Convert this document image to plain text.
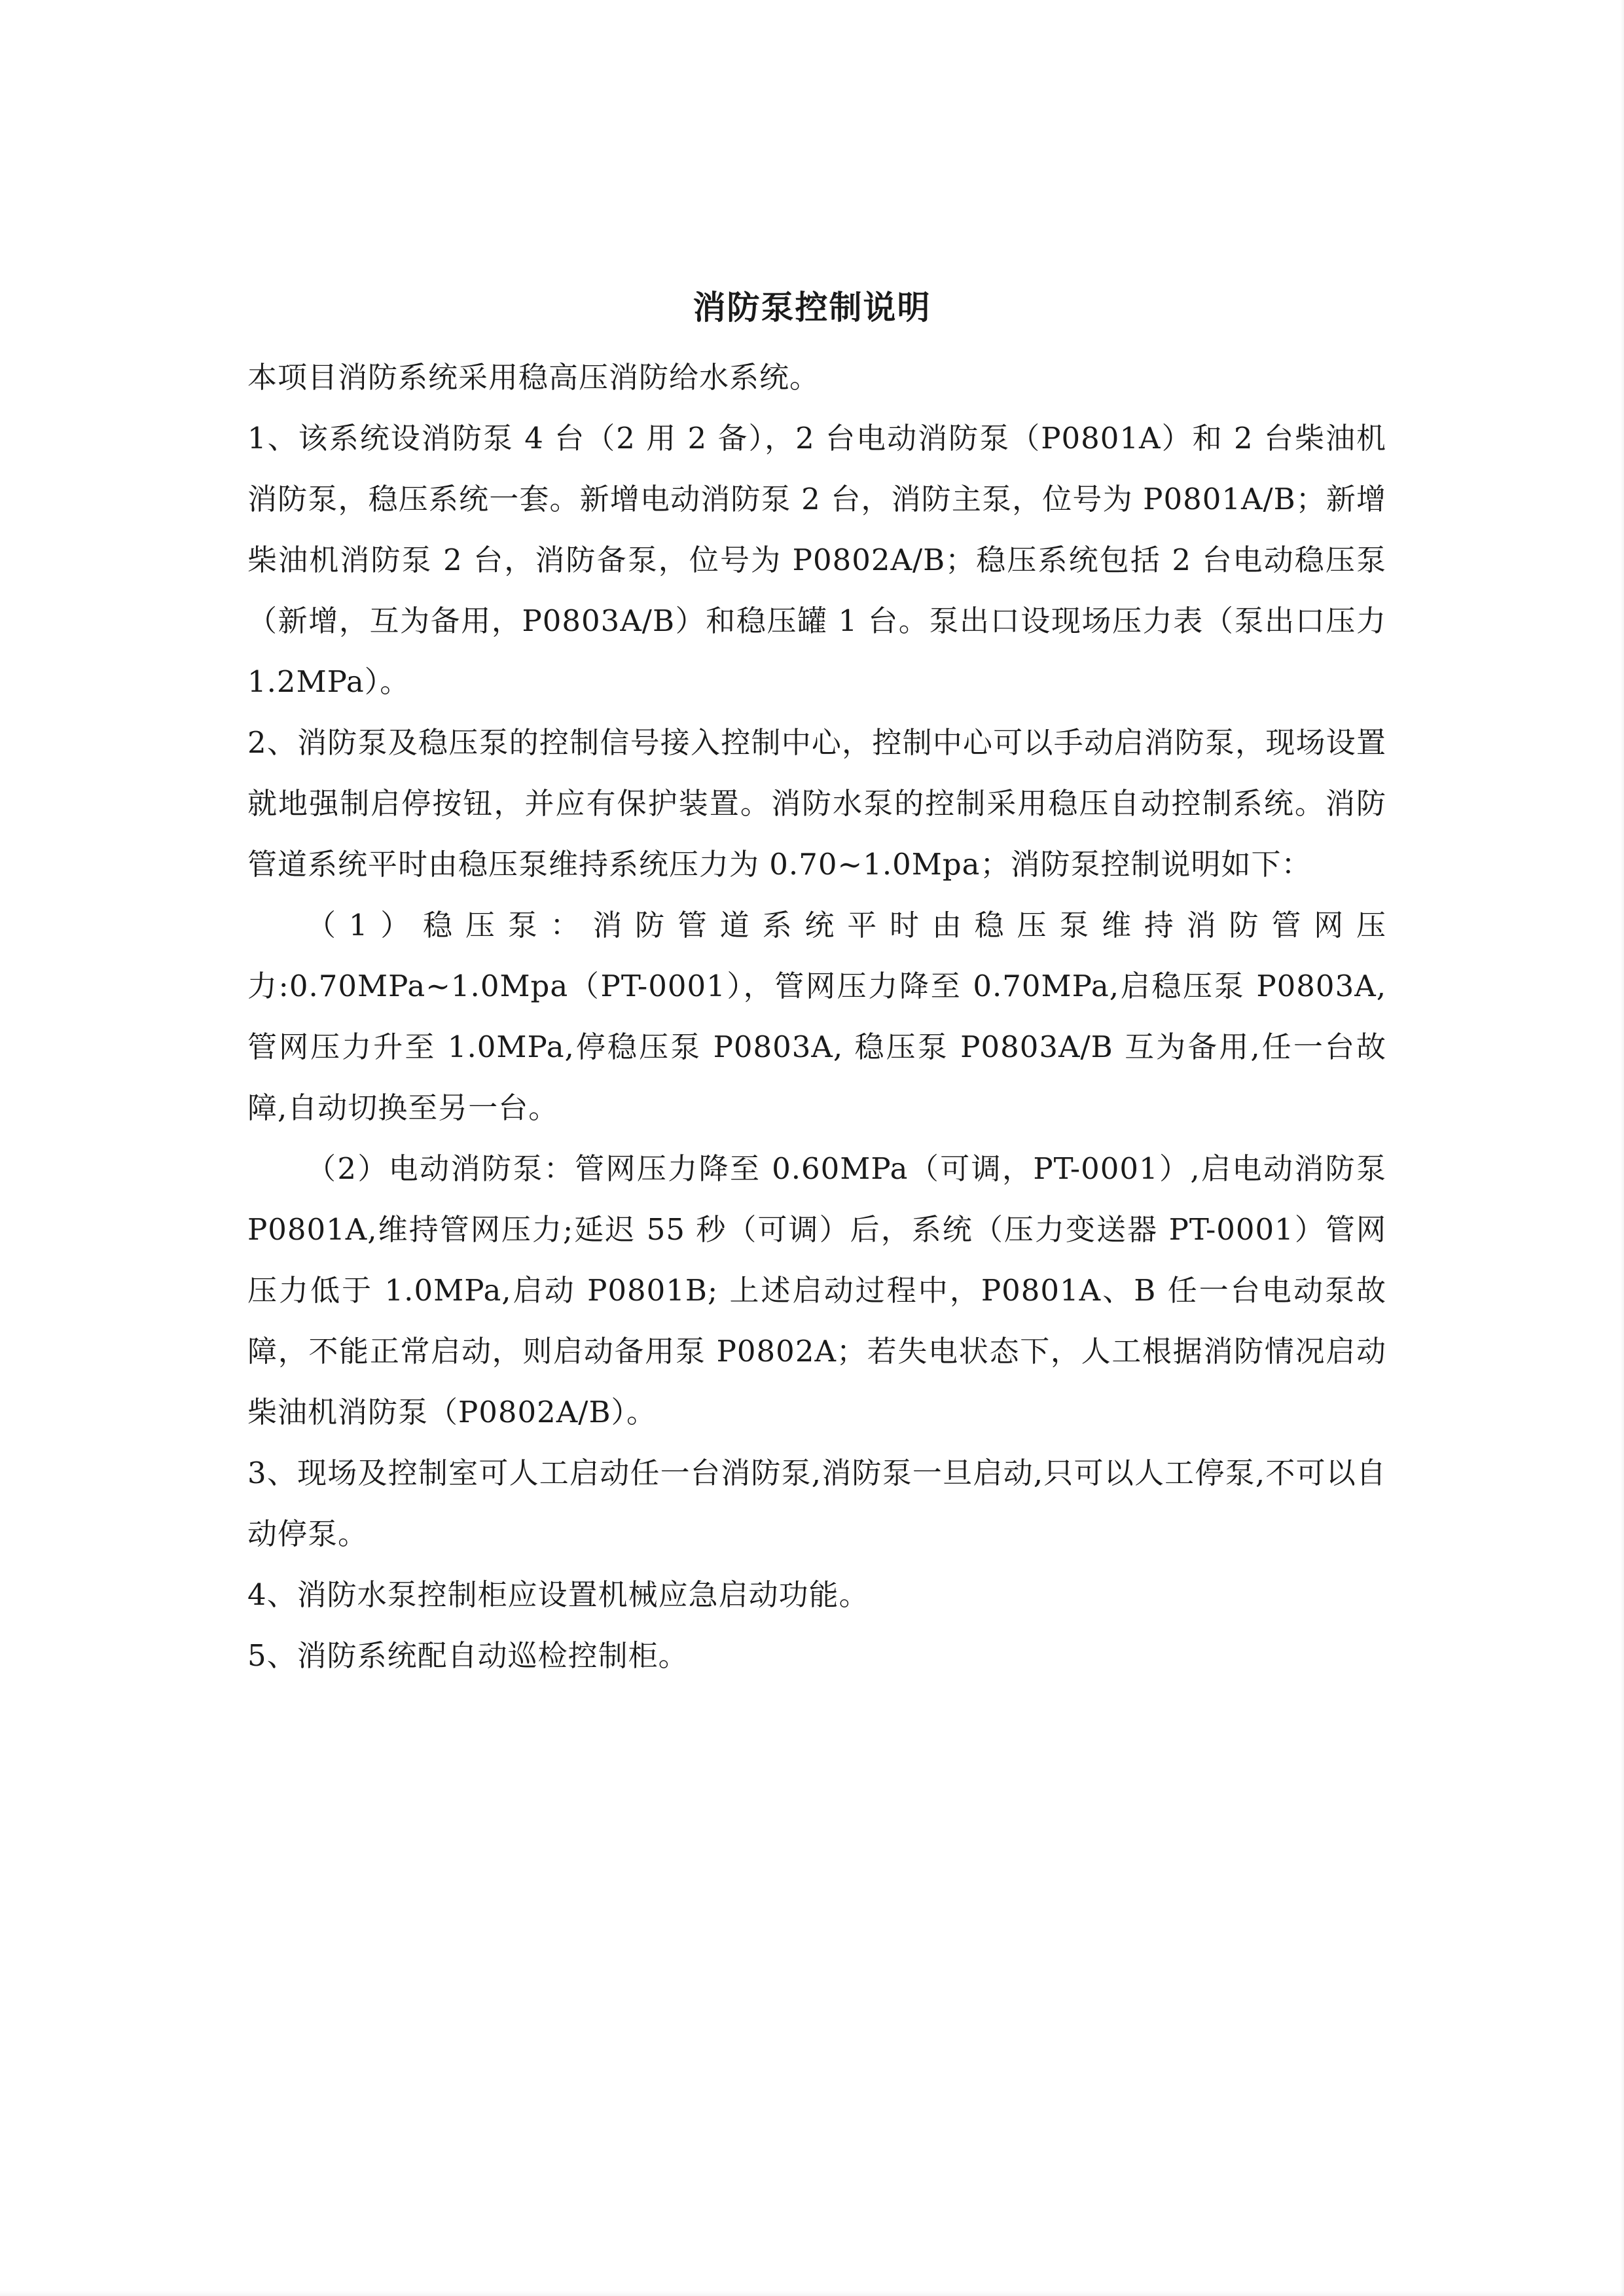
消防泵控制说明

本项目消防系统采用稳高压消防给水系统。

1、该系统设消防泵 4 台（2 用 2 备），2 台电动消防泵（P0801A）和 2 台柴油机消防泵，稳压系统一套。新增电动消防泵 2 台，消防主泵，位号为 P0801A/B；新增柴油机消防泵 2 台，消防备泵，位号为 P0802A/B；稳压系统包括 2 台电动稳压泵（新增，互为备用，P0803A/B）和稳压罐 1 台。泵出口设现场压力表（泵出口压力 1.2MPa）。

2、消防泵及稳压泵的控制信号接入控制中心，控制中心可以手动启消防泵，现场设置就地强制启停按钮，并应有保护装置。消防水泵的控制采用稳压自动控制系统。消防管道系统平时由稳压泵维持系统压力为 0.70~1.0Mpa；消防泵控制说明如下：

（1）稳压泵：消防管道系统平时由稳压泵维持消防管网压力:0.70MPa~1.0Mpa（PT-0001），管网压力降至 0.70MPa,启稳压泵 P0803A, 管网压力升至 1.0MPa,停稳压泵 P0803A, 稳压泵 P0803A/B 互为备用,任一台故障,自动切换至另一台。

（2）电动消防泵：管网压力降至 0.60MPa（可调，PT-0001）,启电动消防泵 P0801A,维持管网压力;延迟 55 秒（可调）后，系统（压力变送器 PT-0001）管网压力低于 1.0MPa,启动 P0801B; 上述启动过程中，P0801A、B 任一台电动泵故障，不能正常启动，则启动备用泵 P0802A；若失电状态下，人工根据消防情况启动柴油机消防泵（P0802A/B）。

3、现场及控制室可人工启动任一台消防泵,消防泵一旦启动,只可以人工停泵,不可以自动停泵。

4、消防水泵控制柜应设置机械应急启动功能。

5、消防系统配自动巡检控制柜。
